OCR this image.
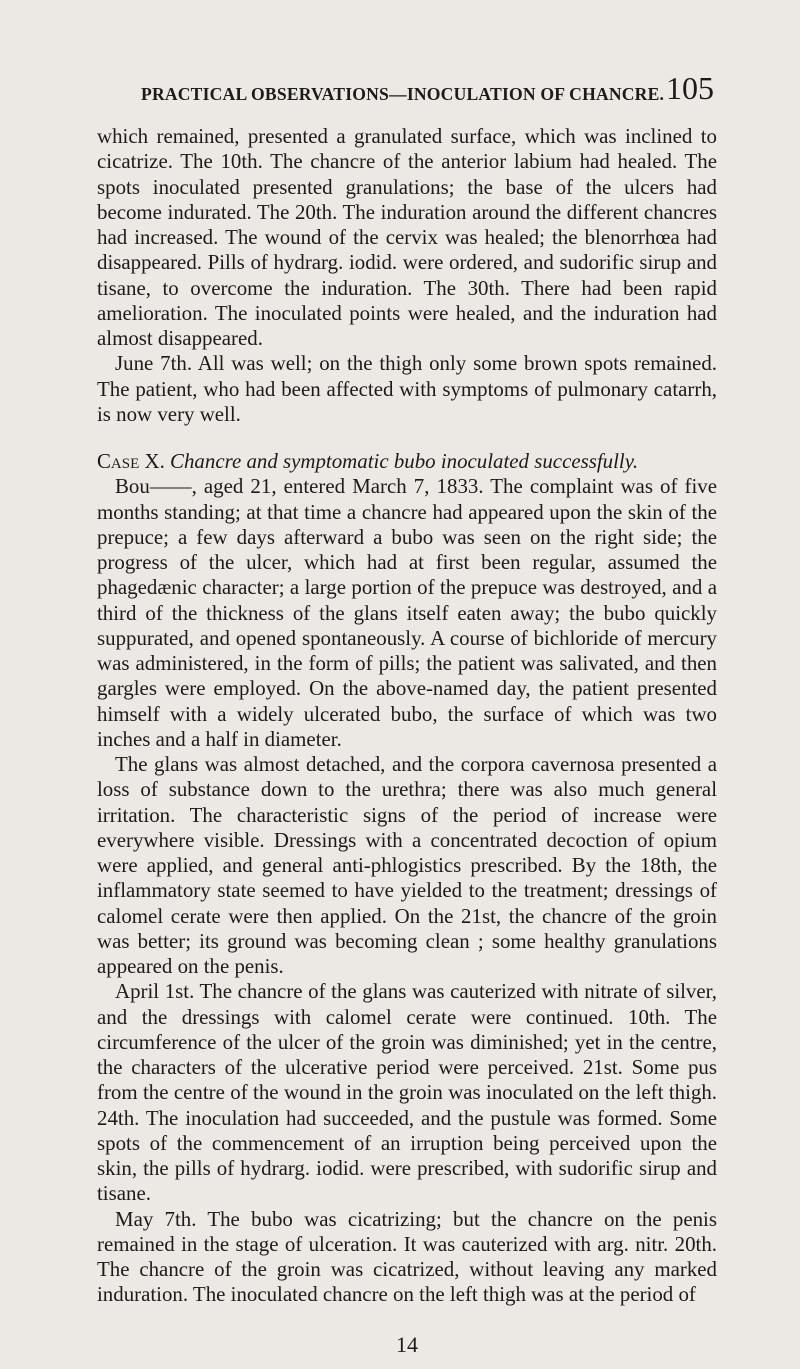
PRACTICAL OBSERVATIONS—INOCULATION OF CHANCRE. 105

which remained, presented a granulated surface, which was inclined to cicatrize. The 10th. The chancre of the anterior labium had healed. The spots inoculated presented granulations; the base of the ulcers had become indurated. The 20th. The induration around the different chancres had increased. The wound of the cervix was healed; the blenorrhœa had disappeared. Pills of hydrarg. iodid. were ordered, and sudorific sirup and tisane, to overcome the induration. The 30th. There had been rapid amelioration. The inoculated points were healed, and the induration had almost disappeared.

June 7th. All was well; on the thigh only some brown spots remained. The patient, who had been affected with symptoms of pulmonary catarrh, is now very well.

Case X. Chancre and symptomatic bubo inoculated successfully.

Bou——, aged 21, entered March 7, 1833. The complaint was of five months standing; at that time a chancre had appeared upon the skin of the prepuce; a few days afterward a bubo was seen on the right side; the progress of the ulcer, which had at first been regular, assumed the phagedænic character; a large portion of the prepuce was destroyed, and a third of the thickness of the glans itself eaten away; the bubo quickly suppurated, and opened spontaneously. A course of bichloride of mercury was administered, in the form of pills; the patient was salivated, and then gargles were employed. On the above-named day, the patient presented himself with a widely ulcerated bubo, the surface of which was two inches and a half in diameter.

The glans was almost detached, and the corpora cavernosa presented a loss of substance down to the urethra; there was also much general irritation. The characteristic signs of the period of increase were everywhere visible. Dressings with a concentrated decoction of opium were applied, and general anti-phlogistics prescribed. By the 18th, the inflammatory state seemed to have yielded to the treatment; dressings of calomel cerate were then applied. On the 21st, the chancre of the groin was better; its ground was becoming clean ; some healthy granulations appeared on the penis.

April 1st. The chancre of the glans was cauterized with nitrate of silver, and the dressings with calomel cerate were continued. 10th. The circumference of the ulcer of the groin was diminished; yet in the centre, the characters of the ulcerative period were perceived. 21st. Some pus from the centre of the wound in the groin was inoculated on the left thigh. 24th. The inoculation had succeeded, and the pustule was formed. Some spots of the commencement of an irruption being perceived upon the skin, the pills of hydrarg. iodid. were prescribed, with sudorific sirup and tisane.

May 7th. The bubo was cicatrizing; but the chancre on the penis remained in the stage of ulceration. It was cauterized with arg. nitr. 20th. The chancre of the groin was cicatrized, without leaving any marked induration. The inoculated chancre on the left thigh was at the period of

14
